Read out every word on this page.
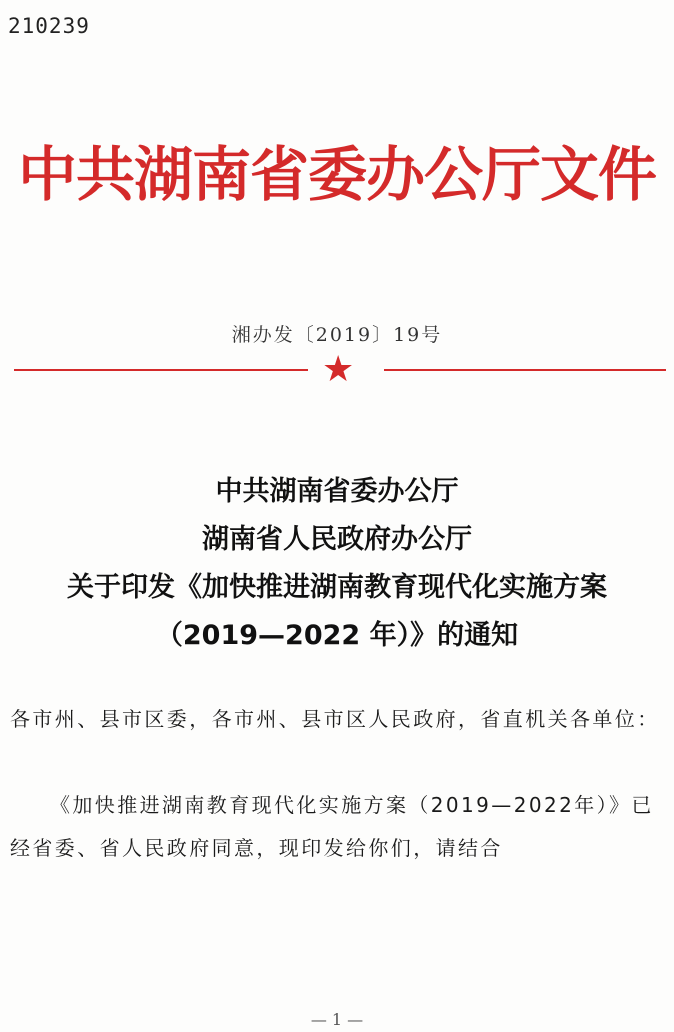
210239
中共湖南省委办公厅文件
湘办发〔2019〕19号
★
中共湖南省委办公厅
湖南省人民政府办公厅
关于印发《加快推进湖南教育现代化实施方案
（2019—2022 年）》的通知
各市州、县市区委，各市州、县市区人民政府，省直机关各单位：
《加快推进湖南教育现代化实施方案（2019—2022年）》已经省委、省人民政府同意，现印发给你们，请结合
— 1 —
